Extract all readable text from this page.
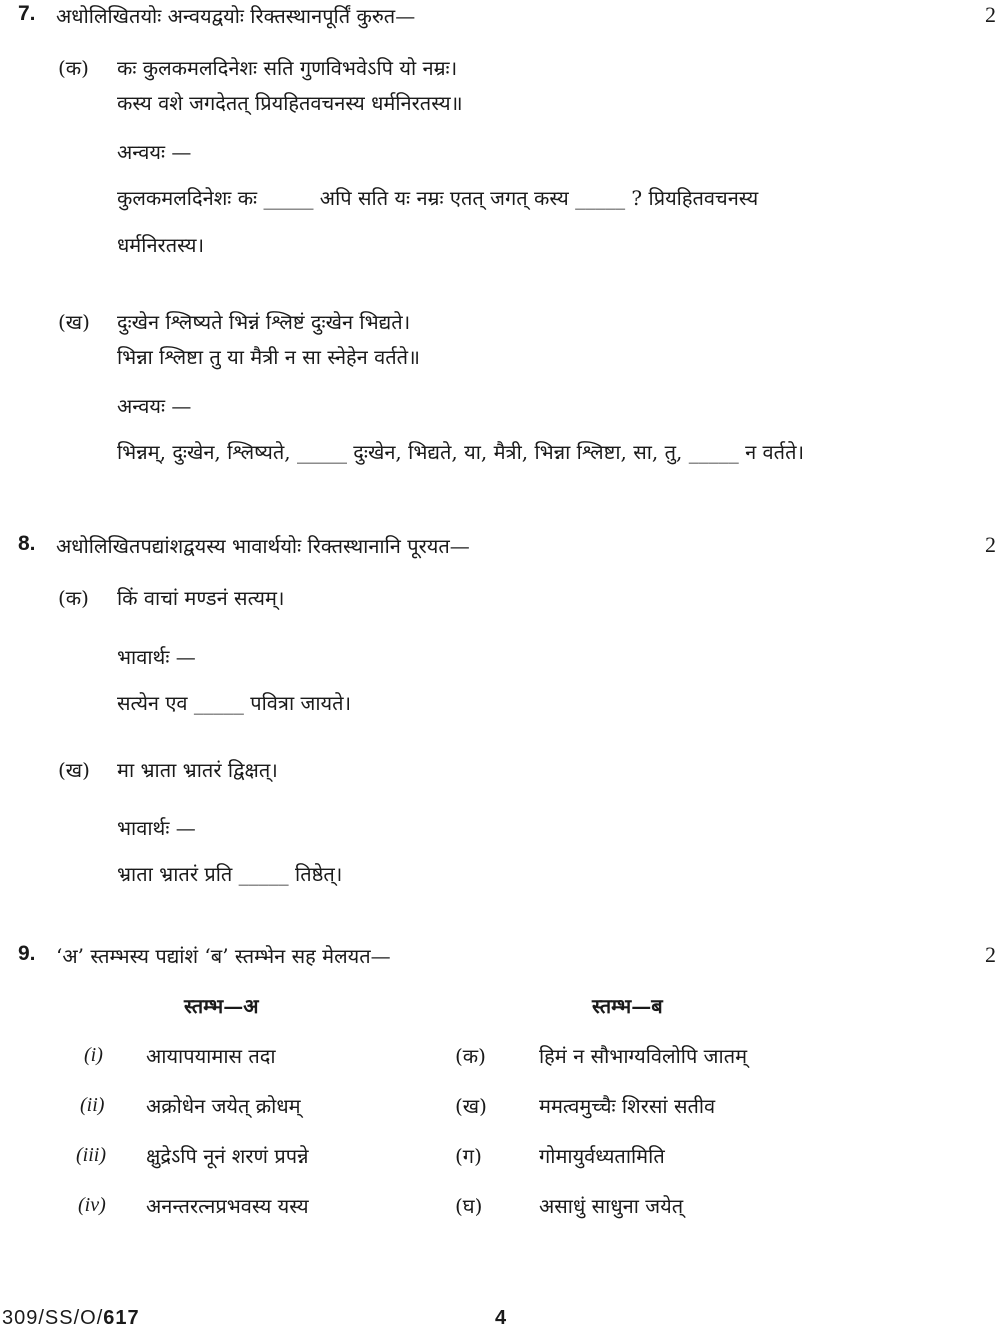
7. अधोलिखितयोः अन्वयद्वयोः रिक्तस्थानपूर्तिं कुरुत—	2
(क) कः कुलकमलदिनेशः सति गुणविभवेऽपि यो नम्रः।
कस्य वशे जगदेतत् प्रियहितवचनस्य धर्मनिरतस्य॥
अन्वयः —
कुलकमलदिनेशः कः _____ अपि सति यः नम्रः एतत् जगत् कस्य _____ ? प्रियहितवचनस्य
धर्मनिरतस्य।
(ख) दुःखेन श्लिष्यते भिन्नं श्लिष्टं दुःखेन भिद्यते।
भिन्ना श्लिष्टा तु या मैत्री न सा स्नेहेन वर्तते॥
अन्वयः —
भिन्नम्, दुःखेन, श्लिष्यते, _____ दुःखेन, भिद्यते, या, मैत्री, भिन्ना श्लिष्टा, सा, तु, _____ न वर्तते।
8. अधोलिखितपद्यांशद्वयस्य भावार्थयोः रिक्तस्थानानि पूरयत—	2
(क) किं वाचां मण्डनं सत्यम्।
भावार्थः —
सत्येन एव _____ पवित्रा जायते।
(ख) मा भ्राता भ्रातरं द्विक्षत्।
भावार्थः —
भ्राता भ्रातरं प्रति _____ तिष्ठेत्।
9. ‘अ’ स्तम्भस्य पद्यांशं ‘ब’ स्तम्भेन सह मेलयत—	2
स्तम्भ—अ	स्तम्भ—ब
(i) आयापयामास तदा	(क)	हिमं न सौभाग्यविलोपि जातम्
(ii) अक्रोधेन जयेत् क्रोधम्	(ख)	ममत्वमुच्चैः शिरसां सतीव
(iii) क्षुद्रेऽपि नूनं शरणं प्रपन्ने	(ग)	गोमायुर्वध्यतामिति
(iv) अनन्तरत्नप्रभवस्य यस्य	(घ)	असाधुं साधुना जयेत्
309/SS/O/617	4
